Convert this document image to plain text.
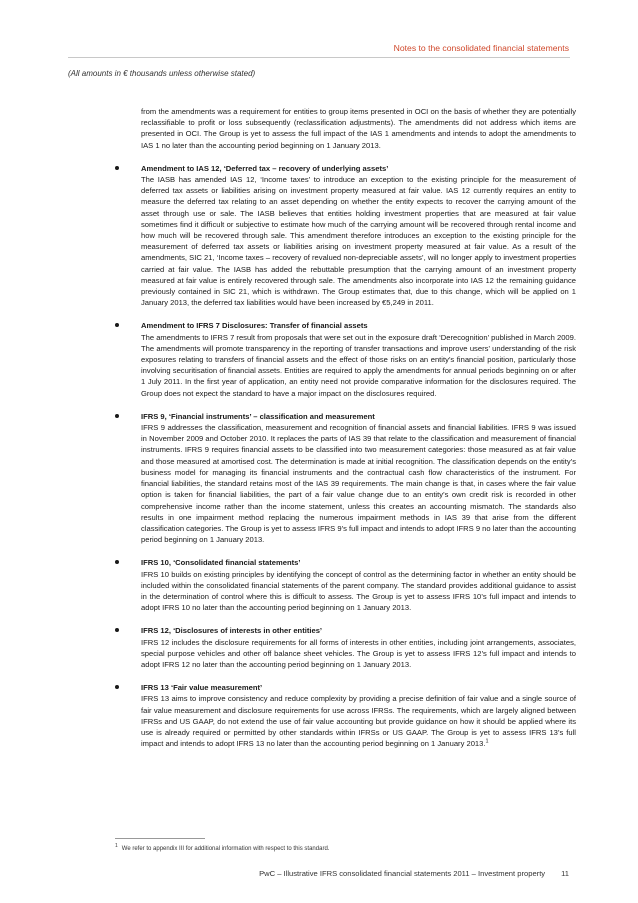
Notes to the consolidated financial statements
(All amounts in € thousands unless otherwise stated)

from the amendments was a requirement for entities to group items presented in OCI on the basis of whether they are potentially reclassifiable to profit or loss subsequently (reclassification adjustments). The amendments did not address which items are presented in OCI. The Group is yet to assess the full impact of the IAS 1 amendments and intends to adopt the amendments to IAS 1 no later than the accounting period beginning on 1 January 2013.

Amendment to IAS 12, ‘Deferred tax – recovery of underlying assets’
The IASB has amended IAS 12, ‘Income taxes’ to introduce an exception to the existing principle for the measurement of deferred tax assets or liabilities arising on investment property measured at fair value. IAS 12 currently requires an entity to measure the deferred tax relating to an asset depending on whether the entity expects to recover the carrying amount of the asset through use or sale. The IASB believes that entities holding investment properties that are measured at fair value sometimes find it difficult or subjective to estimate how much of the carrying amount will be recovered through rental income and how much will be recovered through sale. This amendment therefore introduces an exception to the existing principle for the measurement of deferred tax assets or liabilities arising on investment property measured at fair value. As a result of the amendments, SIC 21, ‘Income taxes – recovery of revalued non-depreciable assets’, will no longer apply to investment properties carried at fair value. The IASB has added the rebuttable presumption that the carrying amount of an investment property measured at fair value is entirely recovered through sale. The amendments also incorporate into IAS 12 the remaining guidance previously contained in SIC 21, which is withdrawn. The Group estimates that, due to this change, which will be applied on 1 January 2013, the deferred tax liabilities would have been increased by €5,249 in 2011.
Amendment to IFRS 7 Disclosures: Transfer of financial assets
The amendments to IFRS 7 result from proposals that were set out in the exposure draft ‘Derecognition’ published in March 2009. The amendments will promote transparency in the reporting of transfer transactions and improve users’ understanding of the risk exposures relating to transfers of financial assets and the effect of those risks on an entity’s financial position, particularly those involving securitisation of financial assets. Entities are required to apply the amendments for annual periods beginning on or after 1 July 2011. In the first year of application, an entity need not provide comparative information for the disclosures required. The Group does not expect the standard to have a major impact on the disclosures required.
IFRS 9, ‘Financial instruments’ – classification and measurement
IFRS 9 addresses the classification, measurement and recognition of financial assets and financial liabilities. IFRS 9 was issued in November 2009 and October 2010. It replaces the parts of IAS 39 that relate to the classification and measurement of financial instruments. IFRS 9 requires financial assets to be classified into two measurement categories: those measured as at fair value and those measured at amortised cost. The determination is made at initial recognition. The classification depends on the entity’s business model for managing its financial instruments and the contractual cash flow characteristics of the instrument. For financial liabilities, the standard retains most of the IAS 39 requirements. The main change is that, in cases where the fair value option is taken for financial liabilities, the part of a fair value change due to an entity’s own credit risk is recorded in other comprehensive income rather than the income statement, unless this creates an accounting mismatch. The standards also results in one impairment method replacing the numerous impairment methods in IAS 39 that arise from the different classification categories. The Group is yet to assess IFRS 9’s full impact and intends to adopt IFRS 9 no later than the accounting period beginning on 1 January 2013.
IFRS 10, ‘Consolidated financial statements’
IFRS 10 builds on existing principles by identifying the concept of control as the determining factor in whether an entity should be included within the consolidated financial statements of the parent company. The standard provides additional guidance to assist in the determination of control where this is difficult to assess. The Group is yet to assess IFRS 10’s full impact and intends to adopt IFRS 10 no later than the accounting period beginning on 1 January 2013.
IFRS 12, ‘Disclosures of interests in other entities’
IFRS 12 includes the disclosure requirements for all forms of interests in other entities, including joint arrangements, associates, special purpose vehicles and other off balance sheet vehicles. The Group is yet to assess IFRS 12’s full impact and intends to adopt IFRS 12 no later than the accounting period beginning on 1 January 2013.
IFRS 13 ‘Fair value measurement’
IFRS 13 aims to improve consistency and reduce complexity by providing a precise definition of fair value and a single source of fair value measurement and disclosure requirements for use across IFRSs. The requirements, which are largely aligned between IFRSs and US GAAP, do not extend the use of fair value accounting but provide guidance on how it should be applied where its use is already required or permitted by other standards within IFRSs or US GAAP. The Group is yet to assess IFRS 13’s full impact and intends to adopt IFRS 13 no later than the accounting period beginning on 1 January 2013.$^1$
$^1$ We refer to appendix III for additional information with respect to this standard.
PwC – Illustrative IFRS consolidated financial statements 2011 – Investment property 11
